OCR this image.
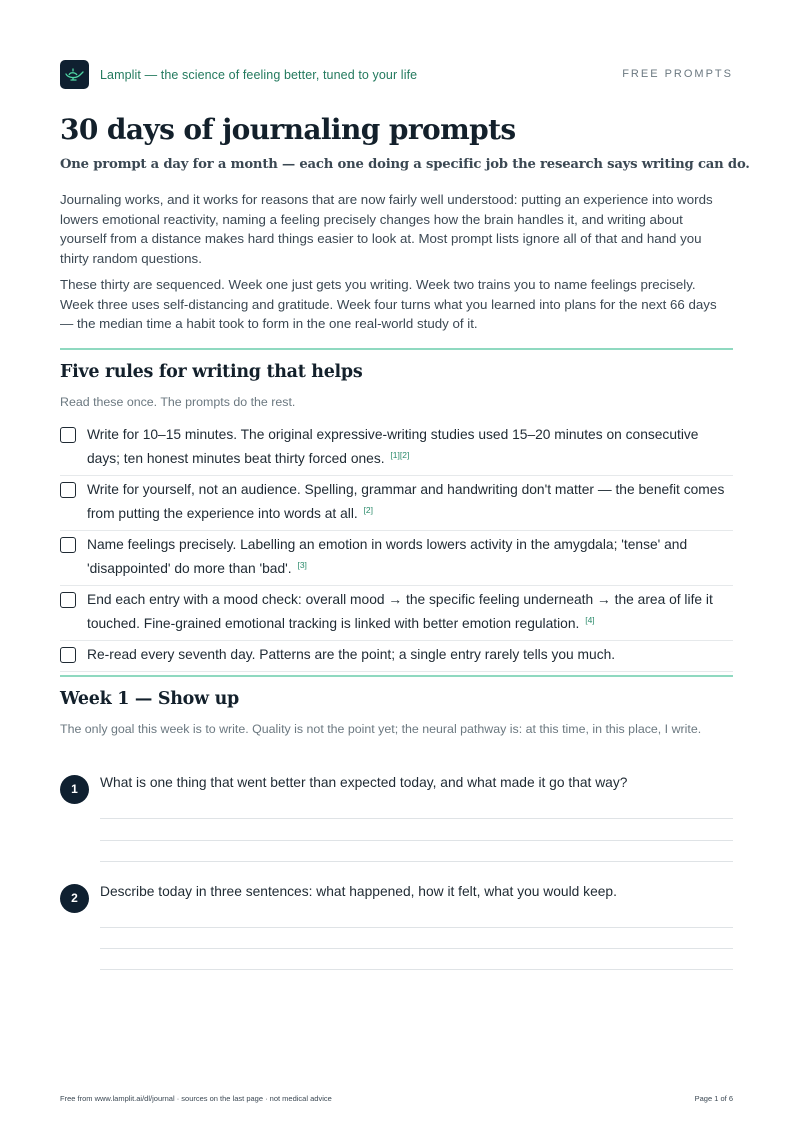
Lamplit — the science of feeling better, tuned to your life	FREE PROMPTS
30 days of journaling prompts
One prompt a day for a month — each one doing a specific job the research says writing can do.

Journaling works, and it works for reasons that are now fairly well understood: putting an experience into words lowers emotional reactivity, naming a feeling precisely changes how the brain handles it, and writing about yourself from a distance makes hard things easier to look at. Most prompt lists ignore all of that and hand you thirty random questions.

These thirty are sequenced. Week one just gets you writing. Week two trains you to name feelings precisely. Week three uses self-distancing and gratitude. Week four turns what you learned into plans for the next 66 days — the median time a habit took to form in the one real-world study of it.

Five rules for writing that helps
Read these once. The prompts do the rest.
Write for 10–15 minutes. The original expressive-writing studies used 15–20 minutes on consecutive days; ten honest minutes beat thirty forced ones. [1][2]
Write for yourself, not an audience. Spelling, grammar and handwriting don't matter — the benefit comes from putting the experience into words at all. [2]
Name feelings precisely. Labelling an emotion in words lowers activity in the amygdala; 'tense' and 'disappointed' do more than 'bad'. [3]
End each entry with a mood check: overall mood → the specific feeling underneath → the area of life it touched. Fine-grained emotional tracking is linked with better emotion regulation. [4]
Re-read every seventh day. Patterns are the point; a single entry rarely tells you much.
Week 1 — Show up
The only goal this week is to write. Quality is not the point yet; the neural pathway is: at this time, in this place, I write.
1	What is one thing that went better than expected today, and what made it go that way?
2	Describe today in three sentences: what happened, how it felt, what you would keep.
Free from www.lamplit.ai/dl/journal · sources on the last page · not medical advice	Page 1 of 6
